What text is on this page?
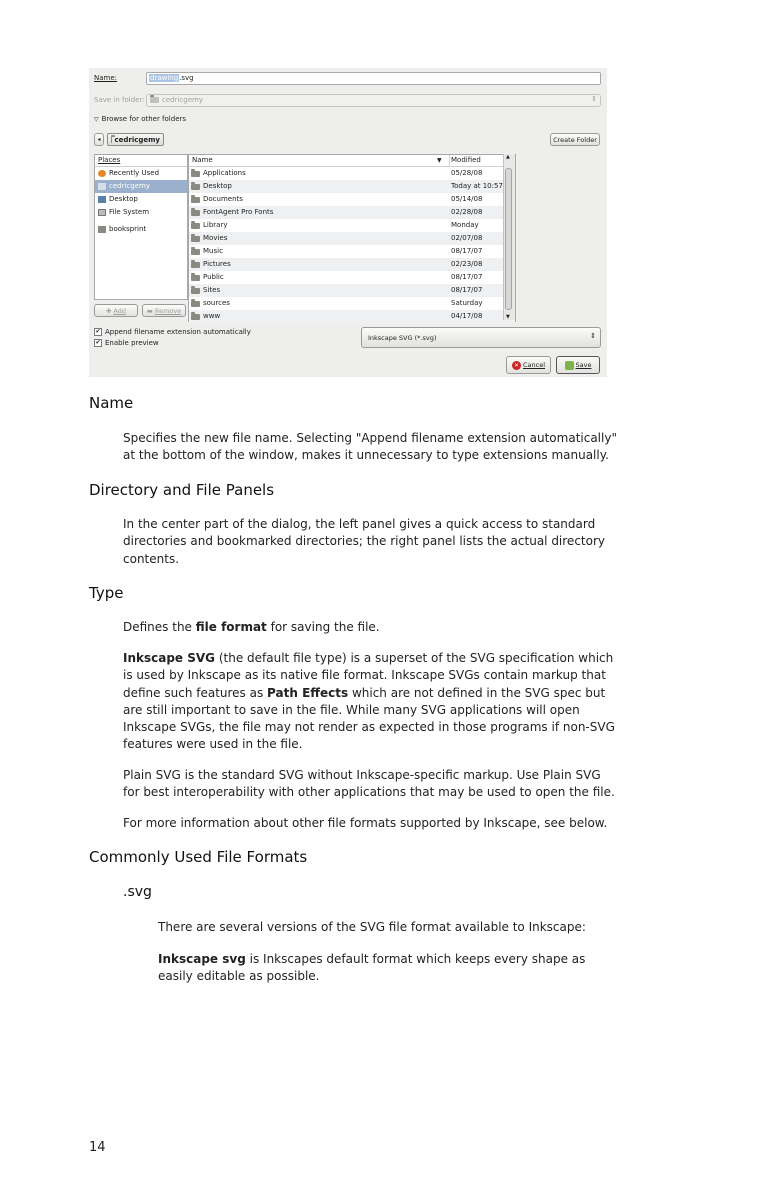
Name:	drawing.svg
Save in folder: cedricgemy	⇕
▽ Browse for other folders
◂ cedricgemy	Create Folder
Places
Recently Used
cedricgemy
Desktop
File System
booksprint
✚ Add	▬ Remove
Name	▼ Modified
Applications	05/28/08
Desktop	Today at 10:57
Documents	05/14/08
FontAgent Pro Fonts	02/28/08
Library	Monday
Movies	02/07/08
Music	08/17/07
Pictures	02/23/08
Public	08/17/07
Sites	08/17/07
sources	Saturday
www	04/17/08
▲
▼
✔ Append filename extension automatically
✔ Enable preview
Inkscape SVG (*.svg)	⇕
✕ Cancel	Save
Name

Specifies the new file name. Selecting "Append filename extension automatically" at the bottom of the window, makes it unnecessary to type extensions manually.

Directory and File Panels

In the center part of the dialog, the left panel gives a quick access to standard directories and bookmarked directories; the right panel lists the actual directory contents.

Type

Defines the file format for saving the file.

Inkscape SVG (the default file type) is a superset of the SVG specification which is used by Inkscape as its native file format. Inkscape SVGs contain markup that define such features as Path Effects which are not defined in the SVG spec but are still important to save in the file. While many SVG applications will open Inkscape SVGs, the file may not render as expected in those programs if non-SVG features were used in the file.

Plain SVG is the standard SVG without Inkscape-specific markup. Use Plain SVG for best interoperability with other applications that may be used to open the file.

For more information about other file formats supported by Inkscape, see below.

Commonly Used File Formats
.svg

There are several versions of the SVG file format available to Inkscape:

Inkscape svg is Inkscapes default format which keeps every shape as easily editable as possible.

14
